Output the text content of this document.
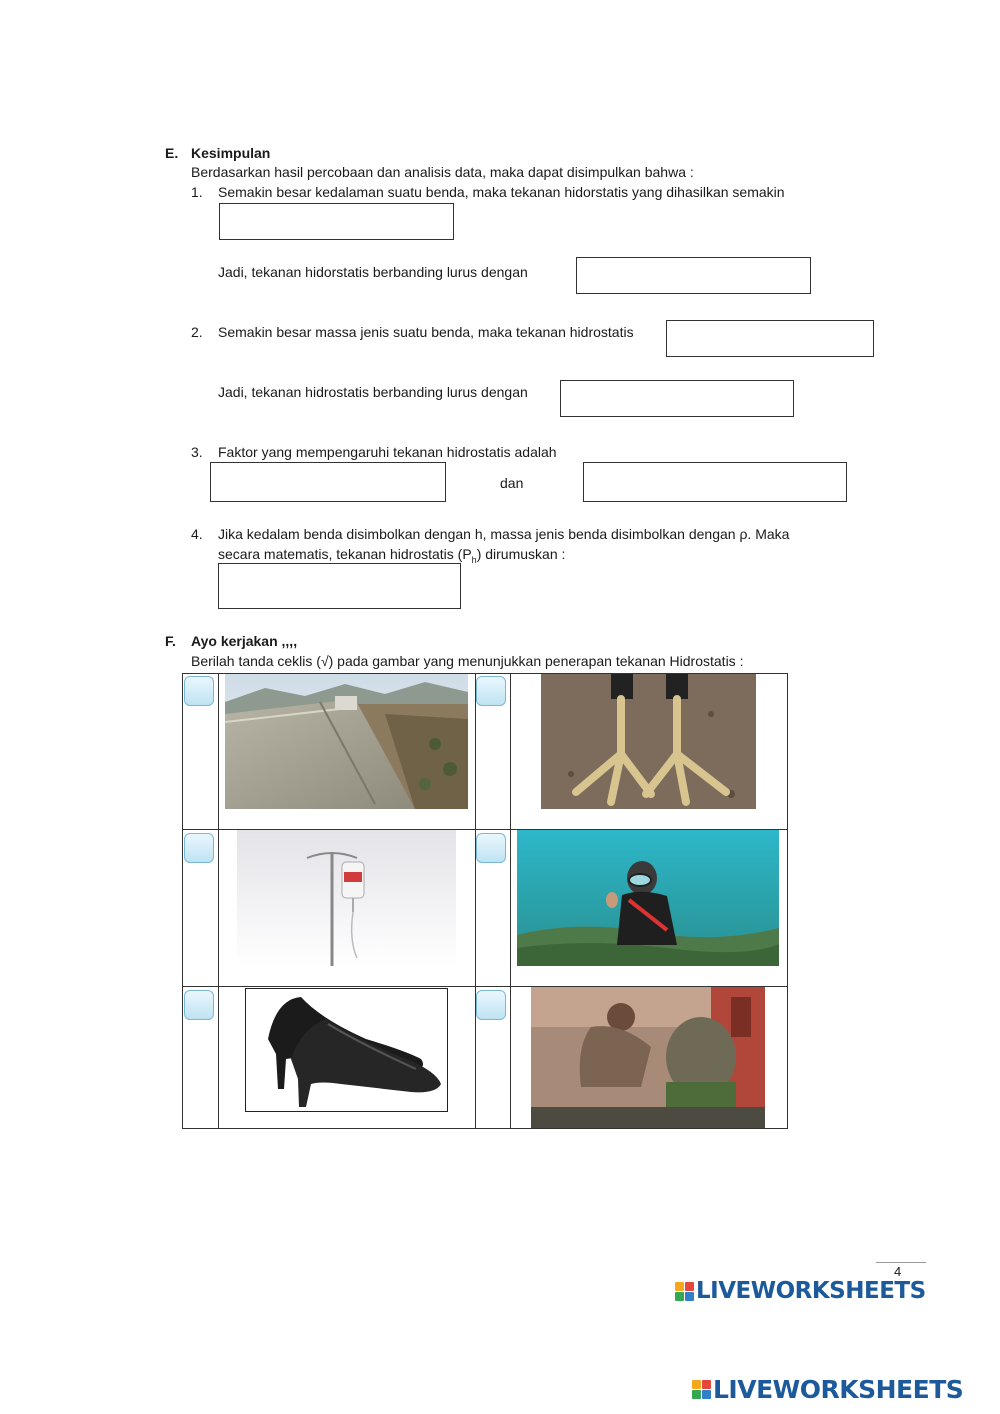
E. Kesimpulan
Berdasarkan hasil percobaan dan analisis data, maka dapat disimpulkan bahwa :
1. Semakin besar kedalaman suatu benda, maka tekanan hidorstatis yang dihasilkan semakin
Jadi, tekanan hidorstatis berbanding lurus dengan
2. Semakin besar massa jenis suatu benda, maka tekanan hidrostatis
Jadi, tekanan hidrostatis berbanding lurus dengan
3. Faktor yang mempengaruhi tekanan hidrostatis adalah
dan
4. Jika kedalam benda disimbolkan dengan h, massa jenis benda disimbolkan dengan ρ. Maka
secara matematis, tekanan hidrostatis $(P_h)$ dirumuskan :
F. Ayo kerjakan ,,,,
Berilah tanda ceklis (√) pada gambar yang menunjukkan penerapan tekanan Hidrostatis :
4
LIVEWORKSHEETS
LIVEWORKSHEETS
